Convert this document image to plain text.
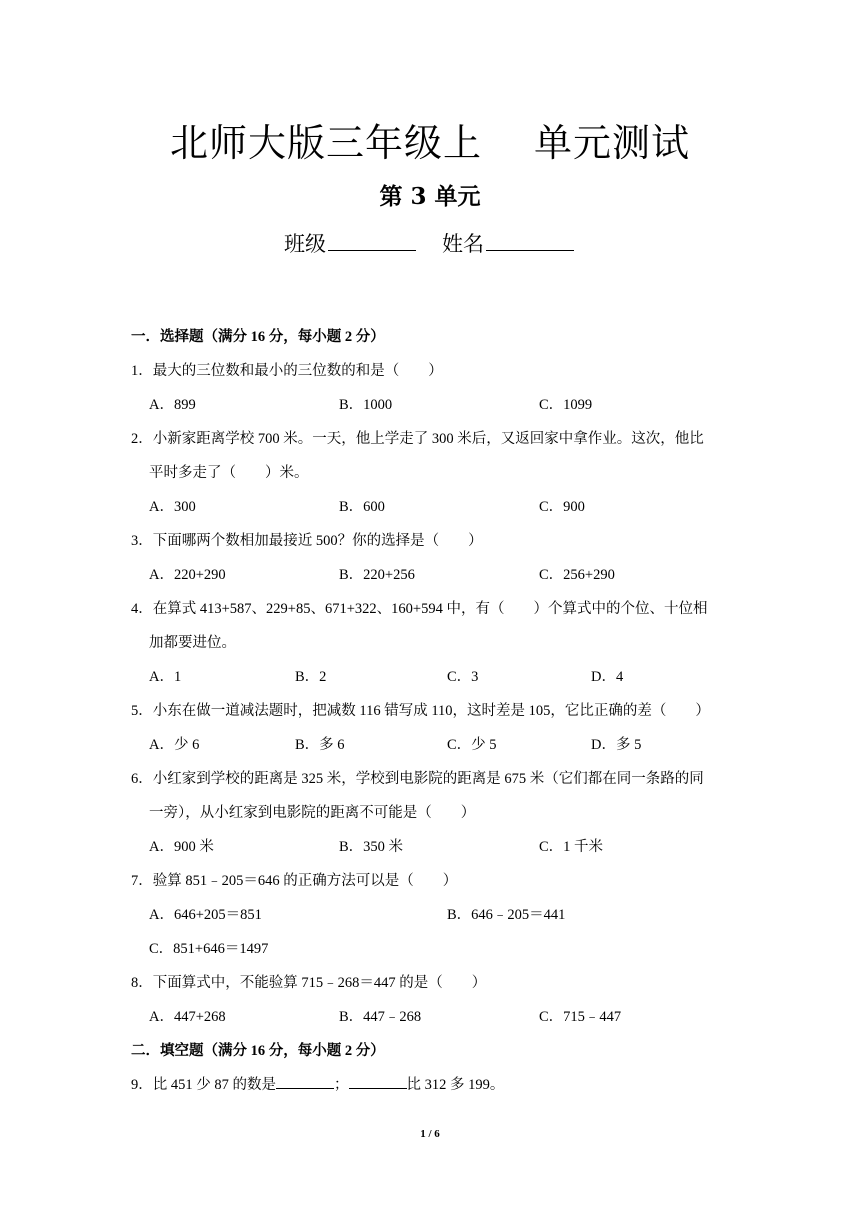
北师大版三年级上 单元测试
第 3 单元
班级	姓名
一．选择题（满分 16 分，每小题 2 分）
1．最大的三位数和最小的三位数的和是（　　）
A．899	B．1000	C．1099
2．小新家距离学校 700 米。一天，他上学走了 300 米后，又返回家中拿作业。这次，他比
平时多走了（　　）米。
A．300	B．600	C．900
3．下面哪两个数相加最接近 500？你的选择是（　　）
A．220+290	B．220+256	C．256+290
4．在算式 413+587、229+85、671+322、160+594 中，有（　　）个算式中的个位、十位相
加都要进位。
A．1	B．2	C．3	D．4
5．小东在做一道减法题时，把减数 116 错写成 110，这时差是 105，它比正确的差（　　）
A．少 6	B．多 6	C．少 5	D．多 5
6．小红家到学校的距离是 325 米，学校到电影院的距离是 675 米（它们都在同一条路的同
一旁），从小红家到电影院的距离不可能是（　　）
A．900 米	B．350 米	C．1 千米
7．验算 851﹣205＝646 的正确方法可以是（　　）
A．646+205＝851	B．646﹣205＝441
C．851+646＝1497
8．下面算式中，不能验算 715﹣268＝447 的是（　　）
A．447+268	B．447﹣268	C．715﹣447
二．填空题（满分 16 分，每小题 2 分）
9．比 451 少 87 的数是	；	比 312 多 199。
1 / 6
